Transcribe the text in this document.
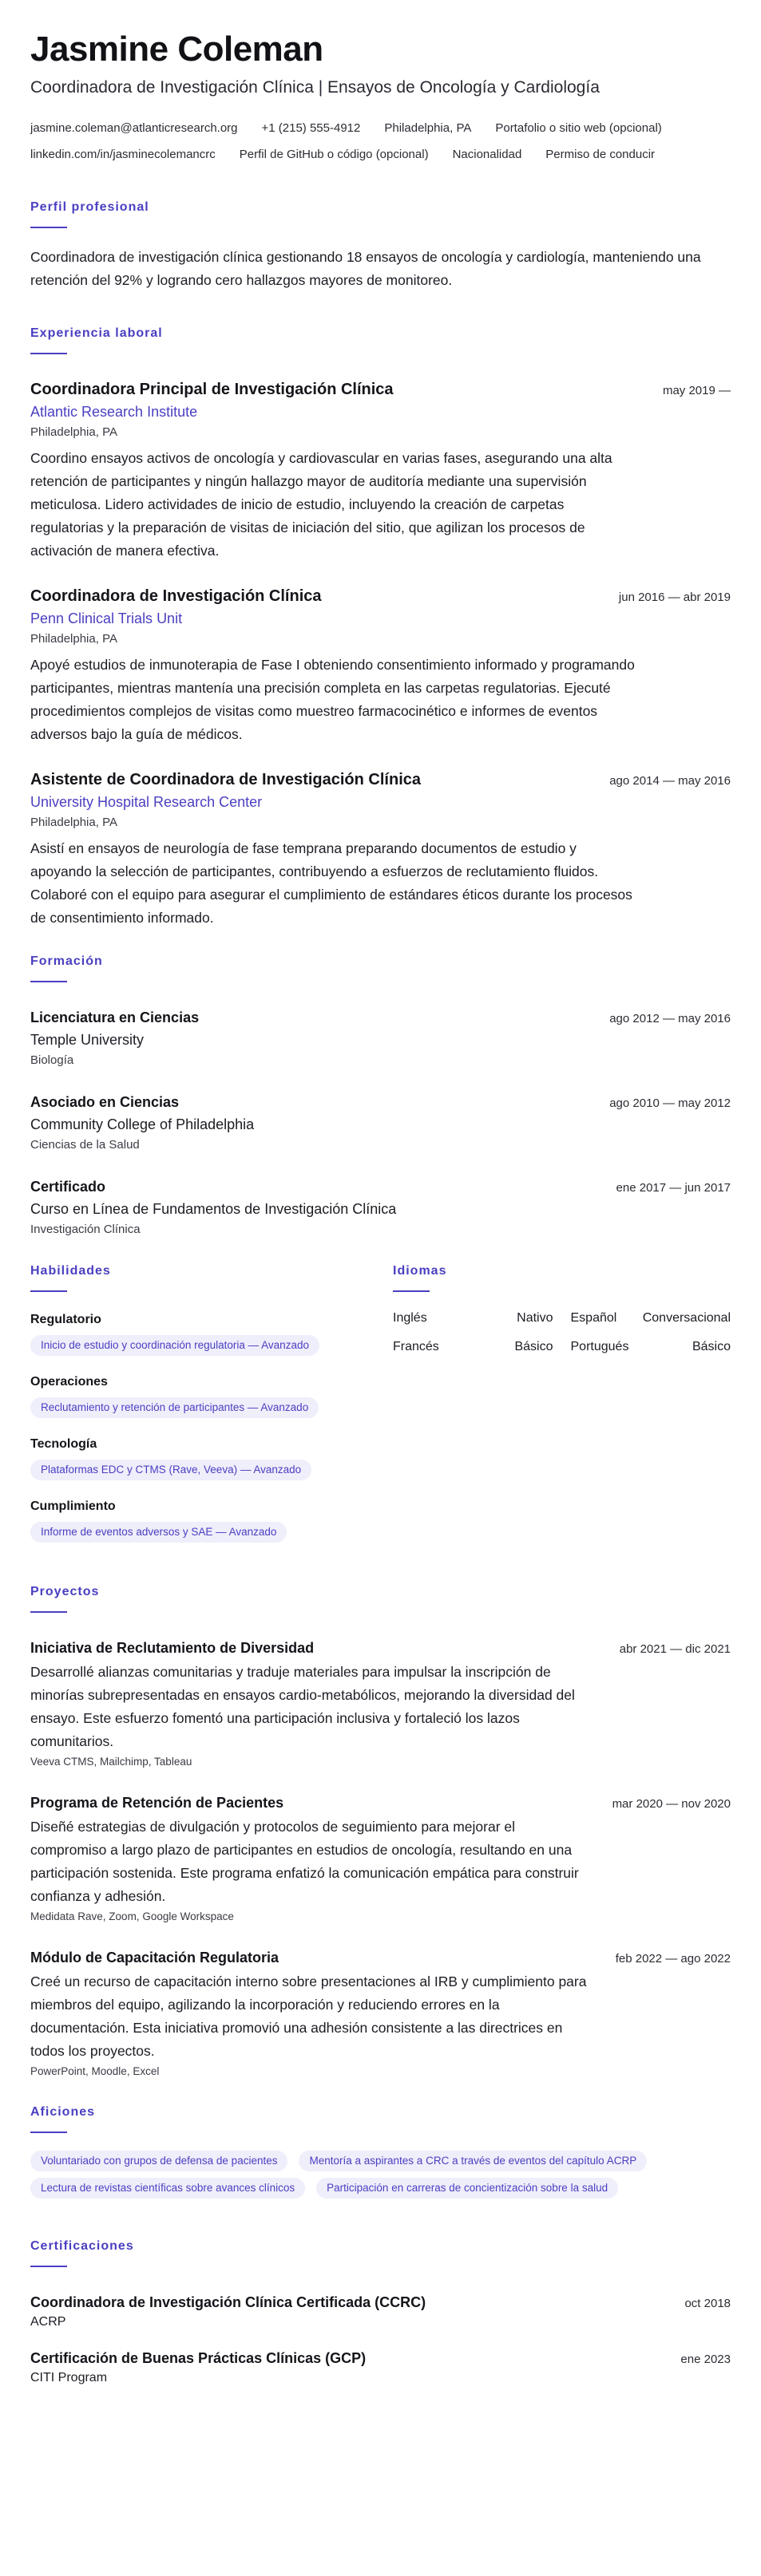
Jasmine Coleman
Coordinadora de Investigación Clínica | Ensayos de Oncología y Cardiología
jasmine.coleman@atlanticresearch.org +1 (215) 555-4912 Philadelphia, PA Portafolio o sitio web (opcional)
linkedin.com/in/jasminecolemancrc Perfil de GitHub o código (opcional) Nacionalidad Permiso de conducir
Perfil profesional

Coordinadora de investigación clínica gestionando 18 ensayos de oncología y cardiología, manteniendo una retención del 92% y logrando cero hallazgos mayores de monitoreo.

Experiencia laboral
Coordinadora Principal de Investigación Clínica	may 2019 —
Atlantic Research Institute
Philadelphia, PA

Coordino ensayos activos de oncología y cardiovascular en varias fases, asegurando una alta retención de participantes y ningún hallazgo mayor de auditoría mediante una supervisión meticulosa. Lidero actividades de inicio de estudio, incluyendo la creación de carpetas regulatorias y la preparación de visitas de iniciación del sitio, que agilizan los procesos de activación de manera efectiva.

Coordinadora de Investigación Clínica	jun 2016 — abr 2019
Penn Clinical Trials Unit
Philadelphia, PA

Apoyé estudios de inmunoterapia de Fase I obteniendo consentimiento informado y programando participantes, mientras mantenía una precisión completa en las carpetas regulatorias. Ejecuté procedimientos complejos de visitas como muestreo farmacocinético e informes de eventos adversos bajo la guía de médicos.

Asistente de Coordinadora de Investigación Clínica	ago 2014 — may 2016
University Hospital Research Center
Philadelphia, PA

Asistí en ensayos de neurología de fase temprana preparando documentos de estudio y apoyando la selección de participantes, contribuyendo a esfuerzos de reclutamiento fluidos. Colaboré con el equipo para asegurar el cumplimiento de estándares éticos durante los procesos de consentimiento informado.

Formación
Licenciatura en Ciencias	ago 2012 — may 2016
Temple University
Biología
Asociado en Ciencias	ago 2010 — may 2012
Community College of Philadelphia
Ciencias de la Salud
Certificado	ene 2017 — jun 2017
Curso en Línea de Fundamentos de Investigación Clínica
Investigación Clínica
Habilidades
Regulatorio
Inicio de estudio y coordinación regulatoria — Avanzado
Operaciones
Reclutamiento y retención de participantes — Avanzado
Tecnología
Plataformas EDC y CTMS (Rave, Veeva) — Avanzado
Cumplimiento
Informe de eventos adversos y SAE — Avanzado
Idiomas
Inglés	Nativo Español Conversacional
Francés	Básico Portugués	Básico
Proyectos
Iniciativa de Reclutamiento de Diversidad	abr 2021 — dic 2021

Desarrollé alianzas comunitarias y traduje materiales para impulsar la inscripción de minorías subrepresentadas en ensayos cardio-metabólicos, mejorando la diversidad del ensayo. Este esfuerzo fomentó una participación inclusiva y fortaleció los lazos comunitarios.

Veeva CTMS, Mailchimp, Tableau
Programa de Retención de Pacientes	mar 2020 — nov 2020

Diseñé estrategias de divulgación y protocolos de seguimiento para mejorar el compromiso a largo plazo de participantes en estudios de oncología, resultando en una participación sostenida. Este programa enfatizó la comunicación empática para construir confianza y adhesión.

Medidata Rave, Zoom, Google Workspace
Módulo de Capacitación Regulatoria	feb 2022 — ago 2022

Creé un recurso de capacitación interno sobre presentaciones al IRB y cumplimiento para miembros del equipo, agilizando la incorporación y reduciendo errores en la documentación. Esta iniciativa promovió una adhesión consistente a las directrices en todos los proyectos.

PowerPoint, Moodle, Excel
Aficiones
Voluntariado con grupos de defensa de pacientes	Mentoría a aspirantes a CRC a través de eventos del capítulo ACRP
Lectura de revistas científicas sobre avances clínicos	Participación en carreras de concientización sobre la salud
Certificaciones
Coordinadora de Investigación Clínica Certificada (CCRC)	oct 2018
ACRP
Certificación de Buenas Prácticas Clínicas (GCP)	ene 2023
CITI Program
